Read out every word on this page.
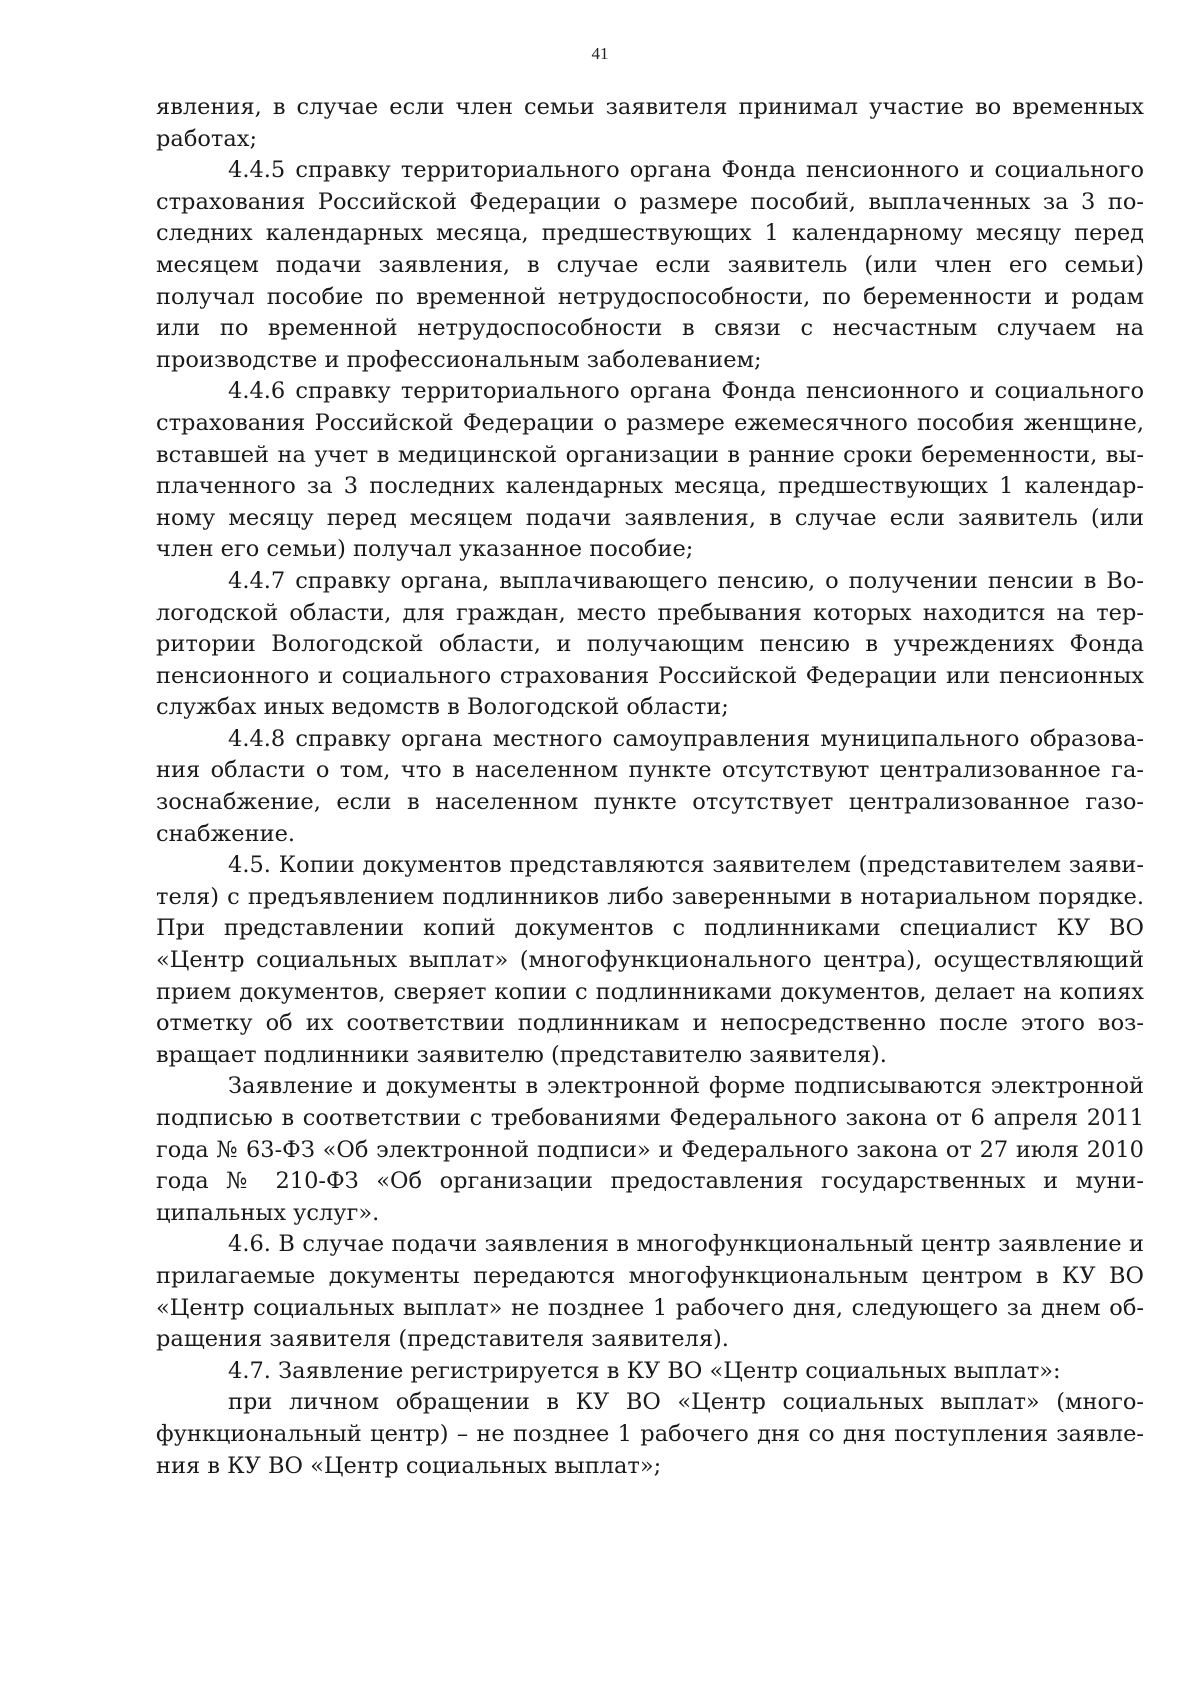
41

явления, в случае если член семьи заявителя принимал участие во временных работах;

4.4.5 справку территориального органа Фонда пенсионного и социального страхования Российской Федерации о размере пособий, выплаченных за 3 последних календарных месяца, предшествующих 1 календарному месяцу перед месяцем подачи заявления, в случае если заявитель (или член его семьи) получал пособие по временной нетрудоспособности, по беременности и родам или по временной нетрудоспособности в связи с несчастным случаем на производстве и профессиональным заболеванием;

4.4.6 справку территориального органа Фонда пенсионного и социального страхования Российской Федерации о размере ежемесячного пособия женщине, вставшей на учет в медицинской организации в ранние сроки беременности, выплаченного за 3 последних календарных месяца, предшествующих 1 календарному месяцу перед месяцем подачи заявления, в случае если заявитель (или член его семьи) получал указанное пособие;

4.4.7 справку органа, выплачивающего пенсию, о получении пенсии в Вологодской области, для граждан, место пребывания которых находится на территории Вологодской области, и получающим пенсию в учреждениях Фонда пенсионного и социального страхования Российской Федерации или пенсионных службах иных ведомств в Вологодской области;

4.4.8 справку органа местного самоуправления муниципального образования области о том, что в населенном пункте отсутствуют централизованное газоснабжение, если в населенном пункте отсутствует централизованное газоснабжение.

4.5. Копии документов представляются заявителем (представителем заявителя) с предъявлением подлинников либо заверенными в нотариальном порядке. При представлении копий документов с подлинниками специалист КУ ВО «Центр социальных выплат» (многофункционального центра), осуществляющий прием документов, сверяет копии с подлинниками документов, делает на копиях отметку об их соответствии подлинникам и непосредственно после этого возвращает подлинники заявителю (представителю заявителя).

Заявление и документы в электронной форме подписываются электронной подписью в соответствии с требованиями Федерального закона от 6 апреля 2011 года № 63-ФЗ «Об электронной подписи» и Федерального закона от 27 июля 2010 года № 210-ФЗ «Об организации предоставления государственных и муниципальных услуг».

4.6. В случае подачи заявления в многофункциональный центр заявление и прилагаемые документы передаются многофункциональным центром в КУ ВО «Центр социальных выплат» не позднее 1 рабочего дня, следующего за днем обращения заявителя (представителя заявителя).

4.7. Заявление регистрируется в КУ ВО «Центр социальных выплат»:

при личном обращении в КУ ВО «Центр социальных выплат» (многофункциональный центр) – не позднее 1 рабочего дня со дня поступления заявления в КУ ВО «Центр социальных выплат»;
